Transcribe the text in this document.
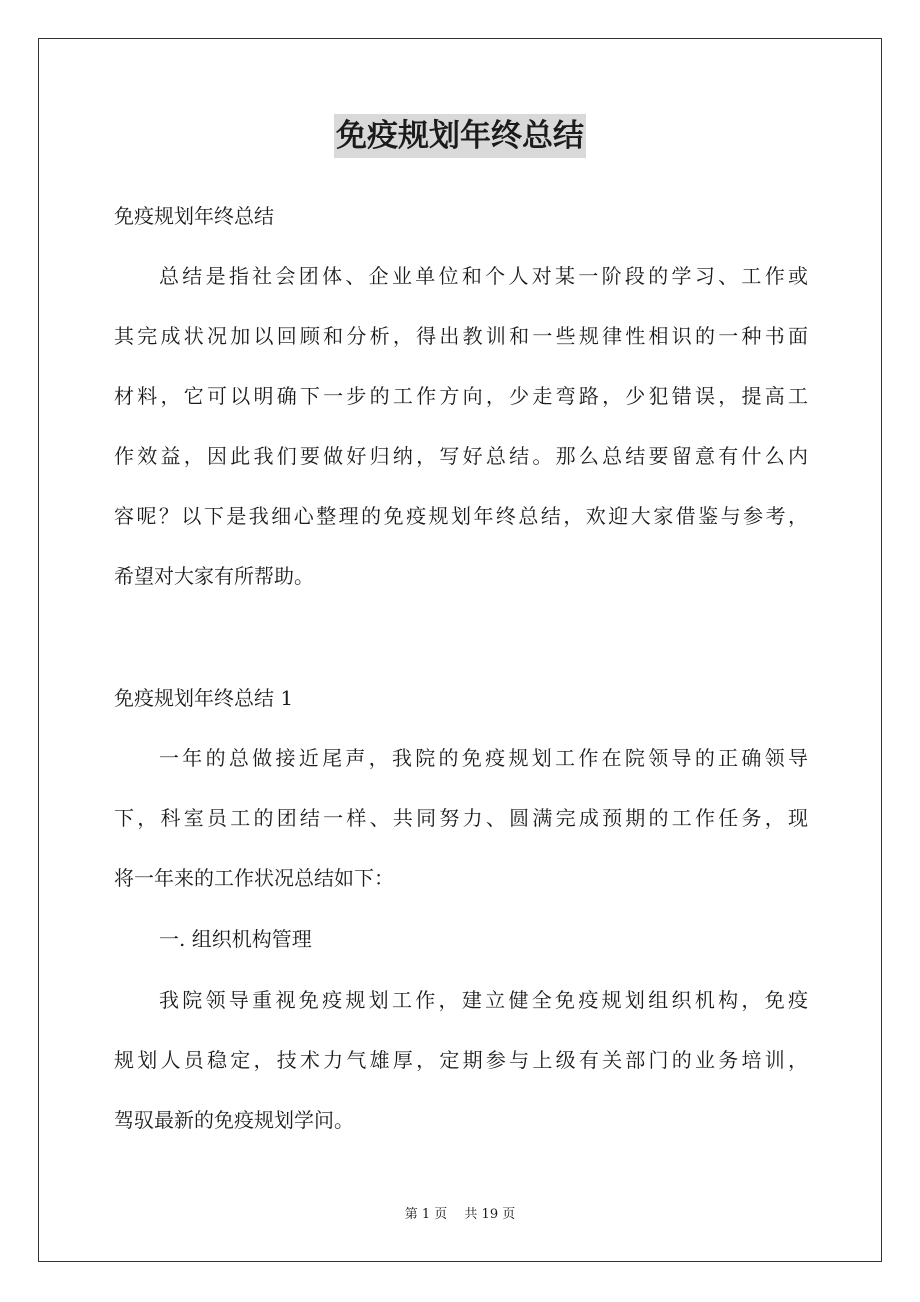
免疫规划年终总结
免疫规划年终总结
总结是指社会团体、企业单位和个人对某一阶段的学习、工作或
其完成状况加以回顾和分析，得出教训和一些规律性相识的一种书面
材料，它可以明确下一步的工作方向，少走弯路，少犯错误，提高工
作效益，因此我们要做好归纳，写好总结。那么总结要留意有什么内
容呢？以下是我细心整理的免疫规划年终总结，欢迎大家借鉴与参考，
希望对大家有所帮助。
免疫规划年终总结 1
一年的总做接近尾声，我院的免疫规划工作在院领导的正确领导
下，科室员工的团结一样、共同努力、圆满完成预期的工作任务，现
将一年来的工作状况总结如下：
一. 组织机构管理
我院领导重视免疫规划工作，建立健全免疫规划组织机构，免疫
规划人员稳定，技术力气雄厚，定期参与上级有关部门的业务培训，
驾驭最新的免疫规划学问。
第 1 页　 共 19 页
